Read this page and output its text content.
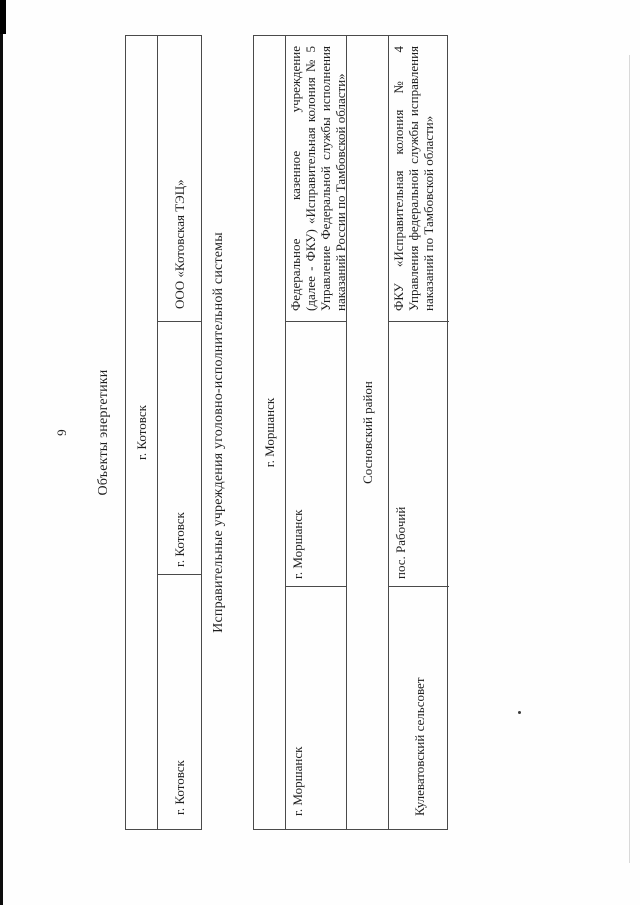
9 Объекты энергетики	г. Котовск
г. Котовск
г. Котовск
ООО «Котовская ТЭЦ» Исправительные учреждения уголовно-исполнительной системы	г. Моршанск
г. Моршанск
г. Моршанск
Федеральное казенное учреждение (далее - ФКУ) «Исправительная колония № 5 Управление Федеральной службы исполнения наказаний России по Тамбовской области»
Сосновский район
Кулеватовский сельсовет
пос. Рабочий
ФКУ «Исправительная колония № 4 Управления федеральной службы исправления наказаний по Тамбовской области»
